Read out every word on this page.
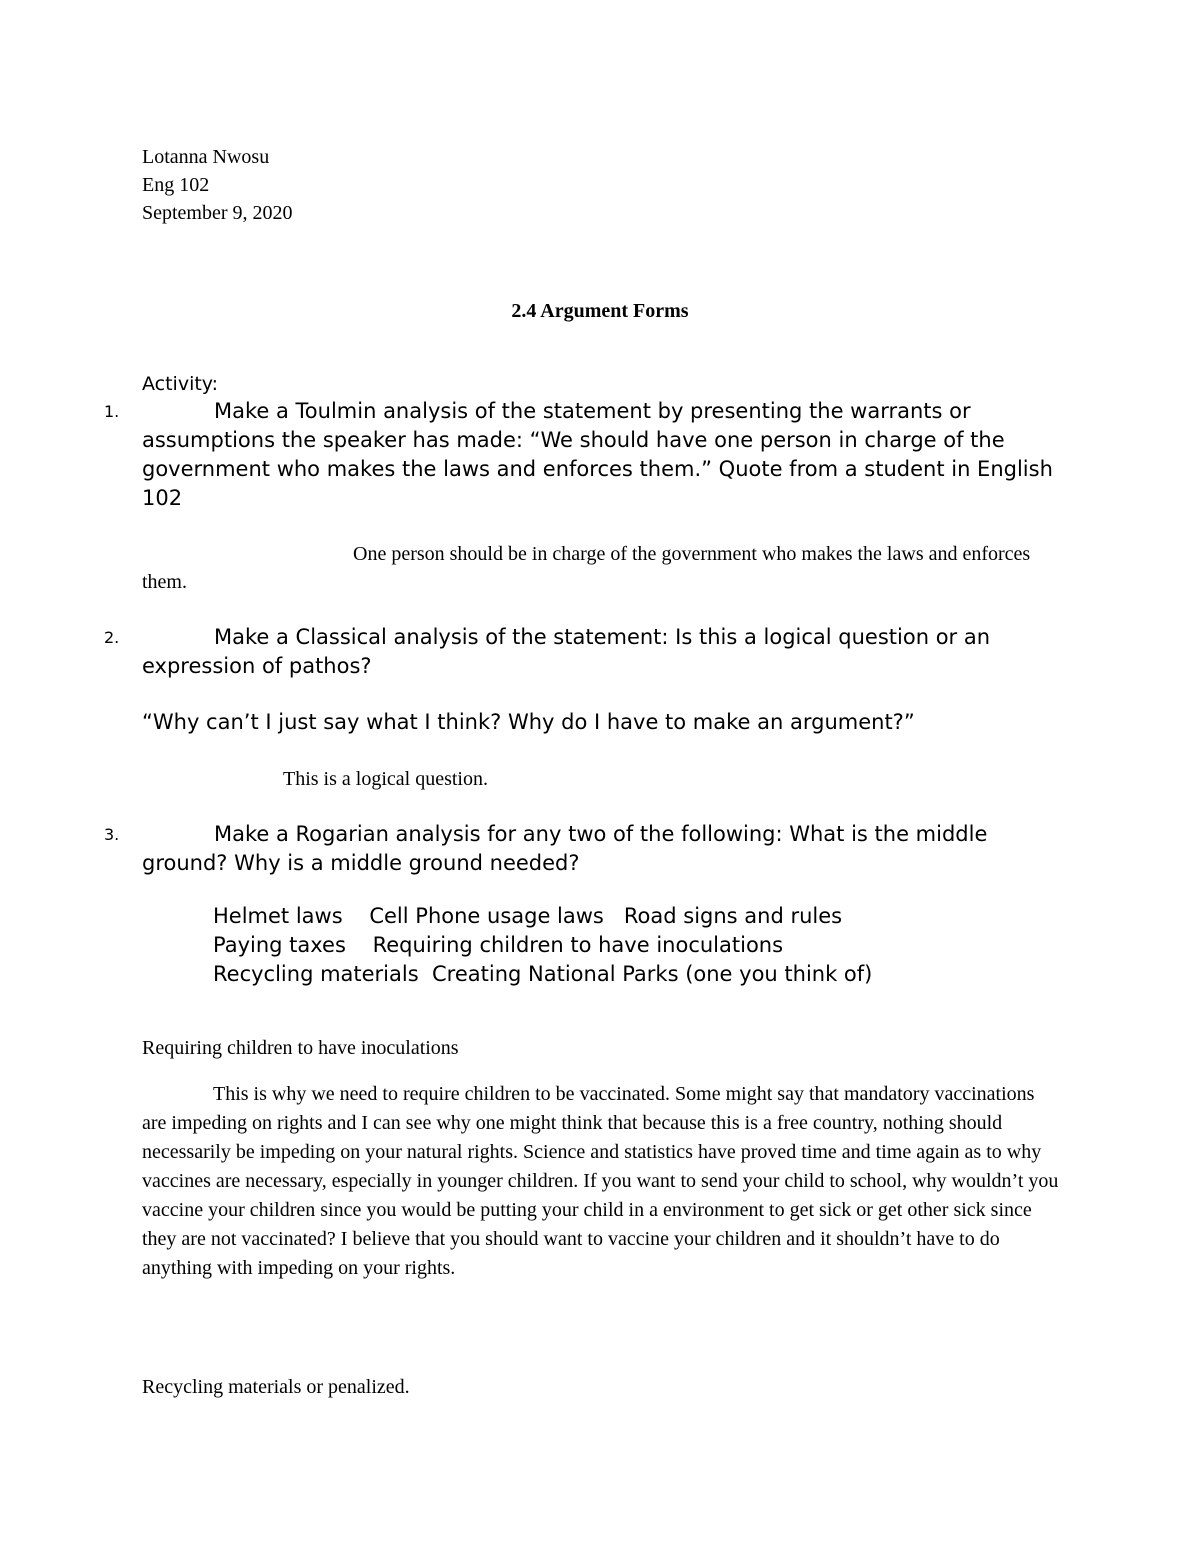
Lotanna Nwosu
Eng 102
September 9, 2020
2.4 Argument Forms
Activity:
1.	Make a Toulmin analysis of the statement by presenting the warrants or assumptions the speaker has made: “We should have one person in charge of the government who makes the laws and enforces them.” Quote from a student in English 102
One person should be in charge of the government who makes the laws and enforces them.
2.	Make a Classical analysis of the statement: Is this a logical question or an expression of pathos?
“Why can’t I just say what I think? Why do I have to make an argument?”
This is a logical question.
3.	Make a Rogarian analysis for any two of the following: What is the middle ground? Why is a middle ground needed?
Helmet laws    Cell Phone usage laws   Road signs and rules
Paying taxes    Requiring children to have inoculations
Recycling materials  Creating National Parks (one you think of)
Requiring children to have inoculations
This is why we need to require children to be vaccinated. Some might say that mandatory vaccinations are impeding on rights and I can see why one might think that because this is a free country, nothing should necessarily be impeding on your natural rights. Science and statistics have proved time and time again as to why vaccines are necessary, especially in younger children. If you want to send your child to school, why wouldn’t you vaccine your children since you would be putting your child in a environment to get sick or get other sick since they are not vaccinated? I believe that you should want to vaccine your children and it shouldn’t have to do anything with impeding on your rights.
Recycling materials or penalized.
